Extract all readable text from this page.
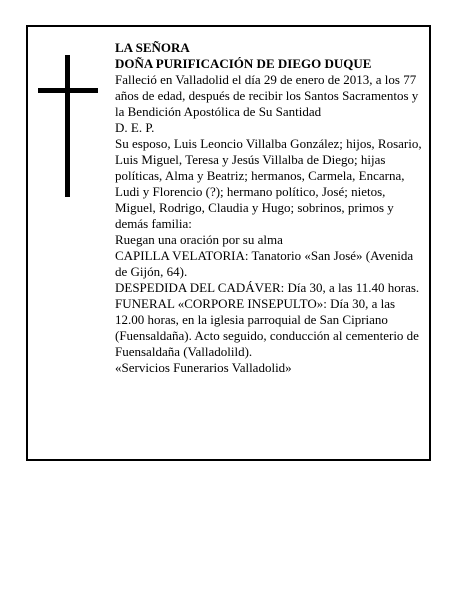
LA SEÑORA

DOÑA PURIFICACIÓN DE DIEGO DUQUE

Falleció en Valladolid el día 29 de enero de 2013, a los 77 años de edad, después de recibir los Santos Sacramentos y la Bendición Apostólica de Su Santidad

D. E. P.

Su esposo, Luis Leoncio Villalba González; hijos, Rosario, Luis Miguel, Teresa y Jesús Villalba de Diego; hijas políticas, Alma y Beatriz; hermanos, Carmela, Encarna, Ludi y Florencio (?); hermano político, José; nietos, Miguel, Rodrigo, Claudia y Hugo; sobrinos, primos y demás familia:

Ruegan una oración por su alma

CAPILLA VELATORIA: Tanatorio «San José» (Avenida de Gijón, 64).

DESPEDIDA DEL CADÁVER: Día 30, a las 11.40 horas.

FUNERAL «CORPORE INSEPULTO»: Día 30, a las 12.00 horas, en la iglesia parroquial de San Cipriano (Fuensaldaña). Acto seguido, conducción al cementerio de Fuensaldaña (Valladolild).

«Servicios Funerarios Valladolid»
